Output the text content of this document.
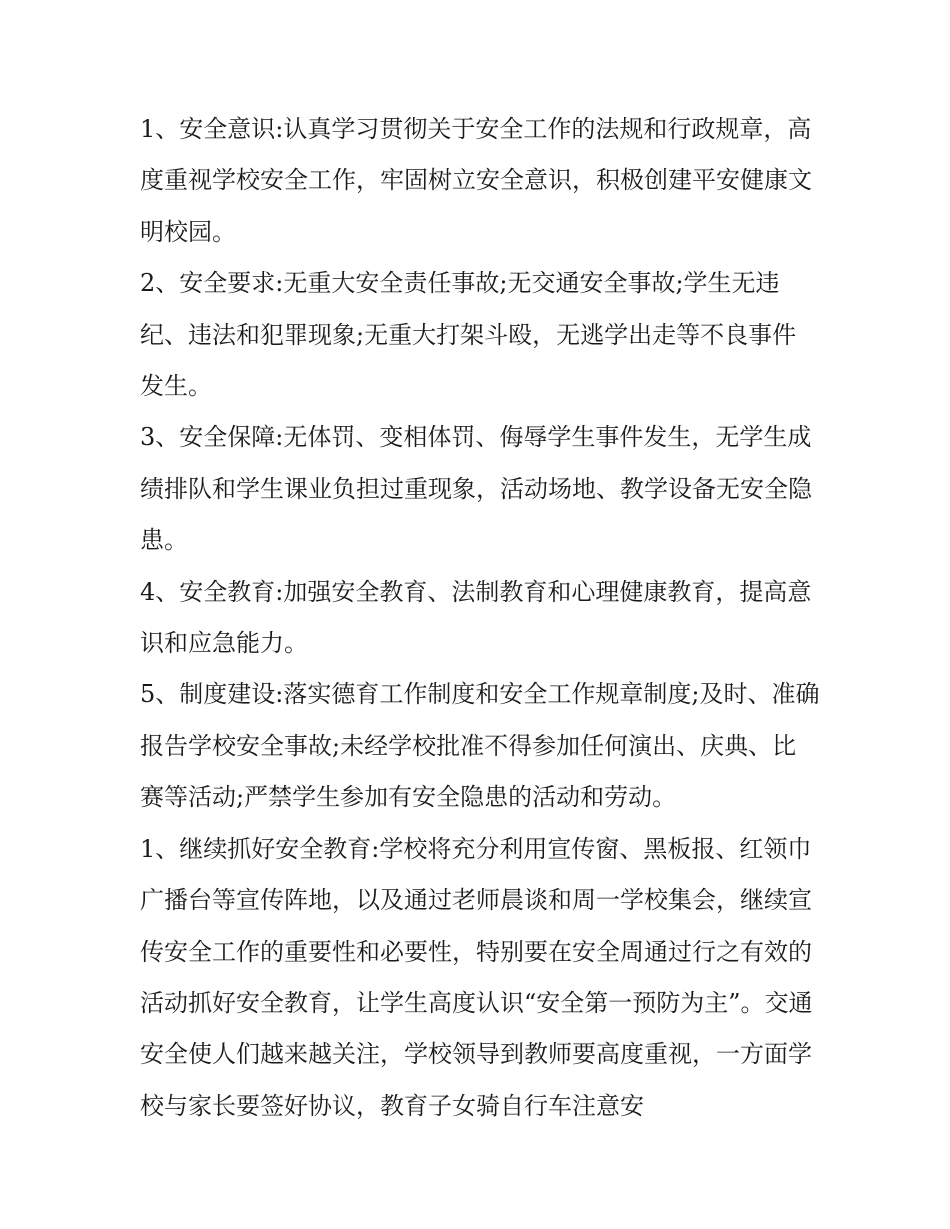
1、安全意识:认真学习贯彻关于安全工作的法规和行政规章，高度重视学校安全工作，牢固树立安全意识，积极创建平安健康文明校园。

2、安全要求:无重大安全责任事故;无交通安全事故;学生无违纪、违法和犯罪现象;无重大打架斗殴，无逃学出走等不良事件发生。

3、安全保障:无体罚、变相体罚、侮辱学生事件发生，无学生成绩排队和学生课业负担过重现象，活动场地、教学设备无安全隐患。

4、安全教育:加强安全教育、法制教育和心理健康教育，提高意识和应急能力。

5、制度建设:落实德育工作制度和安全工作规章制度;及时、准确报告学校安全事故;未经学校批准不得参加任何演出、庆典、比赛等活动;严禁学生参加有安全隐患的活动和劳动。

1、继续抓好安全教育:学校将充分利用宣传窗、黑板报、红领巾广播台等宣传阵地，以及通过老师晨谈和周一学校集会，继续宣传安全工作的重要性和必要性，特别要在安全周通过行之有效的活动抓好安全教育，让学生高度认识“安全第一预防为主”。交通安全使人们越来越关注，学校领导到教师要高度重视，一方面学校与家长要签好协议，教育子女骑自行车注意安
